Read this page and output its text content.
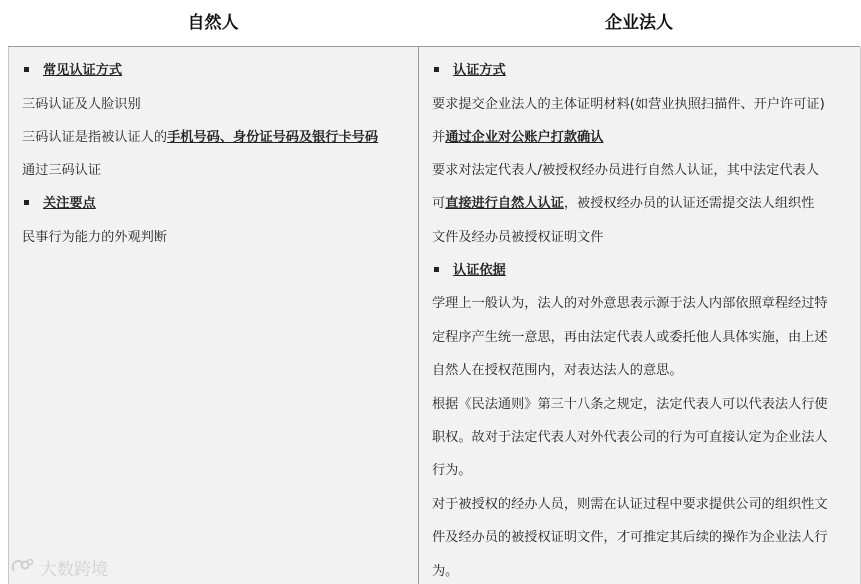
自然人	企业法人
常见认证方式
三码认证及人脸识别
三码认证是指被认证人的手机号码、身份证号码及银行卡号码
通过三码认证
关注要点
民事行为能力的外观判断
认证方式
要求提交企业法人的主体证明材料(如营业执照扫描件、开户许可证)
并通过企业对公账户打款确认
要求对法定代表人/被授权经办员进行自然人认证，其中法定代表人
可直接进行自然人认证，被授权经办员的认证还需提交法人组织性
文件及经办员被授权证明文件
认证依据
学理上一般认为，法人的对外意思表示源于法人内部依照章程经过特
定程序产生统一意思，再由法定代表人或委托他人具体实施，由上述
自然人在授权范围内，对表达法人的意思。
根据《民法通则》第三十八条之规定，法定代表人可以代表法人行使
职权。故对于法定代表人对外代表公司的行为可直接认定为企业法人
行为。
对于被授权的经办人员，则需在认证过程中要求提供公司的组织性文
件及经办员的被授权证明文件，才可推定其后续的操作为企业法人行
为。
大数跨境
